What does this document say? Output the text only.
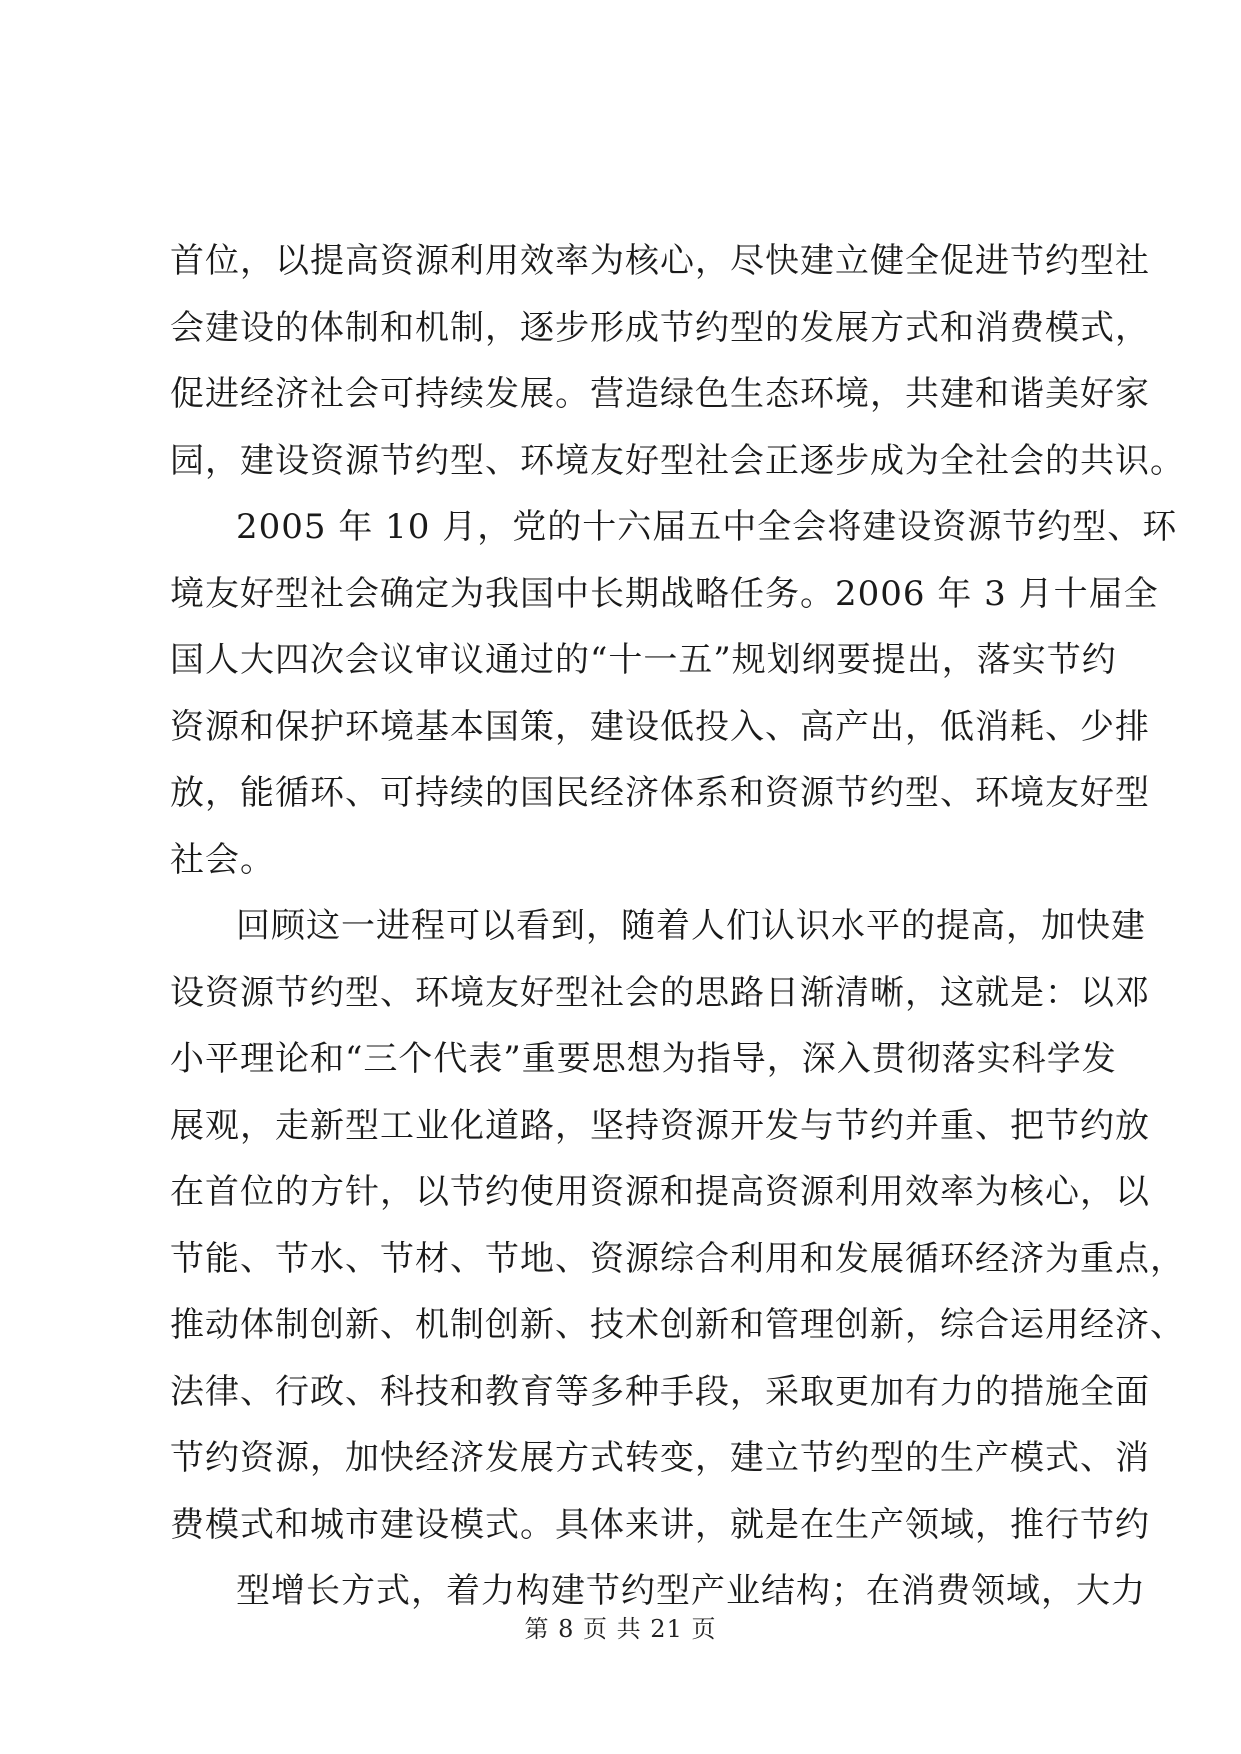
首位，以提高资源利用效率为核心，尽快建立健全促进节约型社
会建设的体制和机制，逐步形成节约型的发展方式和消费模式，
促进经济社会可持续发展。营造绿色生态环境，共建和谐美好家
园，建设资源节约型、环境友好型社会正逐步成为全社会的共识。
2005 年 10 月，党的十六届五中全会将建设资源节约型、环
境友好型社会确定为我国中长期战略任务。2006 年 3 月十届全
国人大四次会议审议通过的“十一五”规划纲要提出，落实节约
资源和保护环境基本国策，建设低投入、高产出，低消耗、少排
放，能循环、可持续的国民经济体系和资源节约型、环境友好型
社会。
回顾这一进程可以看到，随着人们认识水平的提高，加快建
设资源节约型、环境友好型社会的思路日渐清晰，这就是：以邓
小平理论和“三个代表”重要思想为指导，深入贯彻落实科学发
展观，走新型工业化道路，坚持资源开发与节约并重、把节约放
在首位的方针，以节约使用资源和提高资源利用效率为核心，以
节能、节水、节材、节地、资源综合利用和发展循环经济为重点，
推动体制创新、机制创新、技术创新和管理创新，综合运用经济、
法律、行政、科技和教育等多种手段，采取更加有力的措施全面
节约资源，加快经济发展方式转变，建立节约型的生产模式、消
费模式和城市建设模式。具体来讲，就是在生产领域，推行节约
型增长方式，着力构建节约型产业结构；在消费领域，大力
第 8 页 共 21 页
